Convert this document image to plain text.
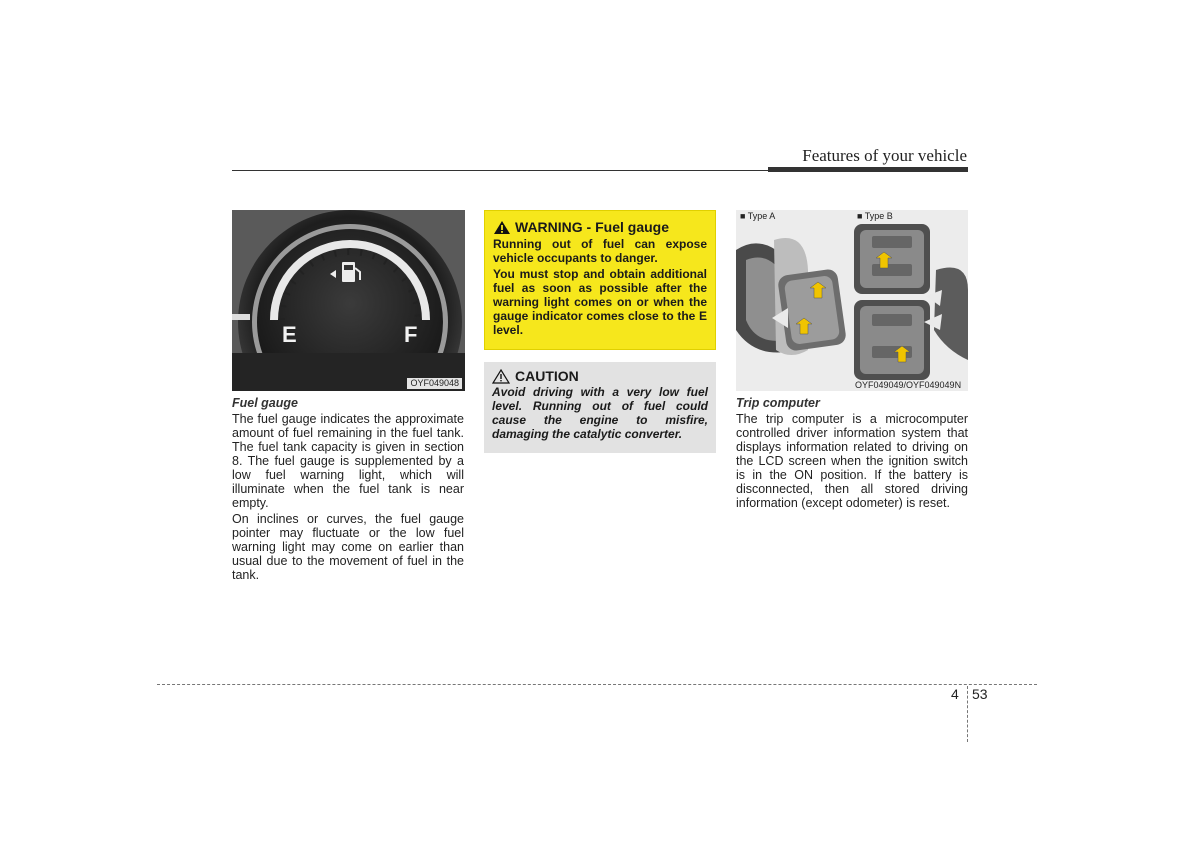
Features of your vehicle
E	F
OYF049048
Fuel gauge

The fuel gauge indicates the approximate amount of fuel remaining in the fuel tank. The fuel tank capacity is given in section 8. The fuel gauge is supplemented by a low fuel warning light, which will illuminate when the fuel tank is near empty.

On inclines or curves, the fuel gauge pointer may fluctuate or the low fuel warning light may come on earlier than usual due to the movement of fuel in the tank.

WARNING - Fuel gauge

Running out of fuel can expose vehicle occupants to danger.

You must stop and obtain additional fuel as soon as possible after the warning light comes on or when the gauge indicator comes close to the E level.

CAUTION

Avoid driving with a very low fuel level. Running out of fuel could cause the engine to misfire, damaging the catalytic converter.

■ Type A	■ Type B
OYF049049/OYF049049N
Trip computer
The trip computer is a microcomputer controlled driver information system that displays information related to driving on the LCD screen when the ignition switch is in the ON position. If the battery is disconnected, then all stored driving information (except odometer) is reset.
4 53
